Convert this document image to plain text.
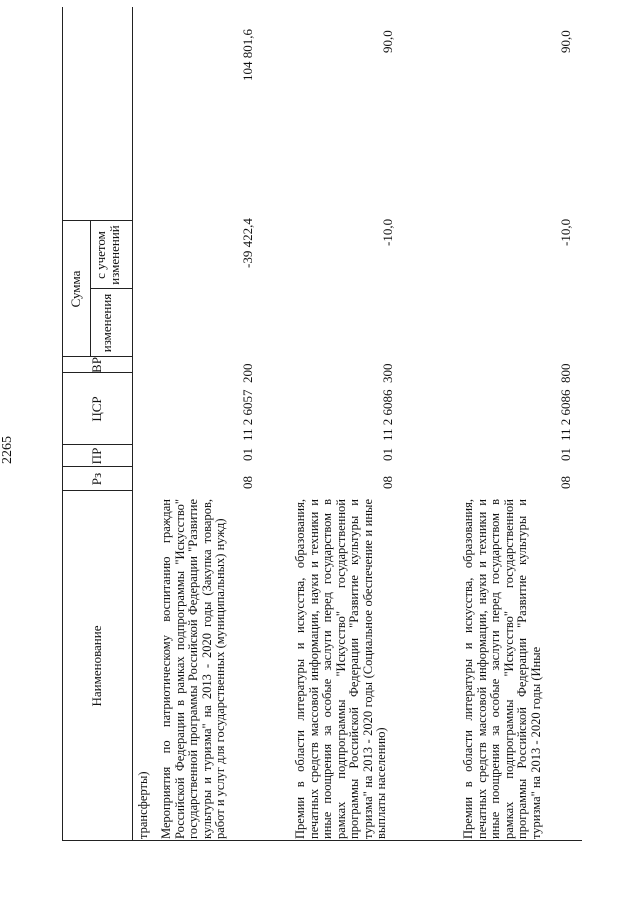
2265
Наименование
Рз
ПР
ЦСР
ВР
Сумма
изменения
с учетом изменений
трансферты) Мероприятия по патриотическому воспитанию граждан Российской Федерации в рамках подпрограммы "Искусство" государственной программы Российской Федерации "Развитие культуры и туризма" на 2013 - 2020 годы (Закупка товаров, работ и услуг для государственных (муниципальных) нужд)
08
01
11 2 6057
200
-39 422,4
104 801,6
Премии в области литературы и искусства, образования, печатных средств массовой информации, науки и техники и иные поощрения за особые заслуги перед государством в рамках подпрограммы "Искусство" государственной программы Российской Федерации "Развитие культуры и туризма" на 2013 - 2020 годы (Социальное обеспечение и иные выплаты населению)
08
01
11 2 6086
300
-10,0
90,0
Премии в области литературы и искусства, образования, печатных средств массовой информации, науки и техники и иные поощрения за особые заслуги перед государством в рамках подпрограммы "Искусство" государственной программы Российской Федерации "Развитие культуры и туризма" на 2013 - 2020 годы (Иные
08
01
11 2 6086
800
-10,0
90,0
